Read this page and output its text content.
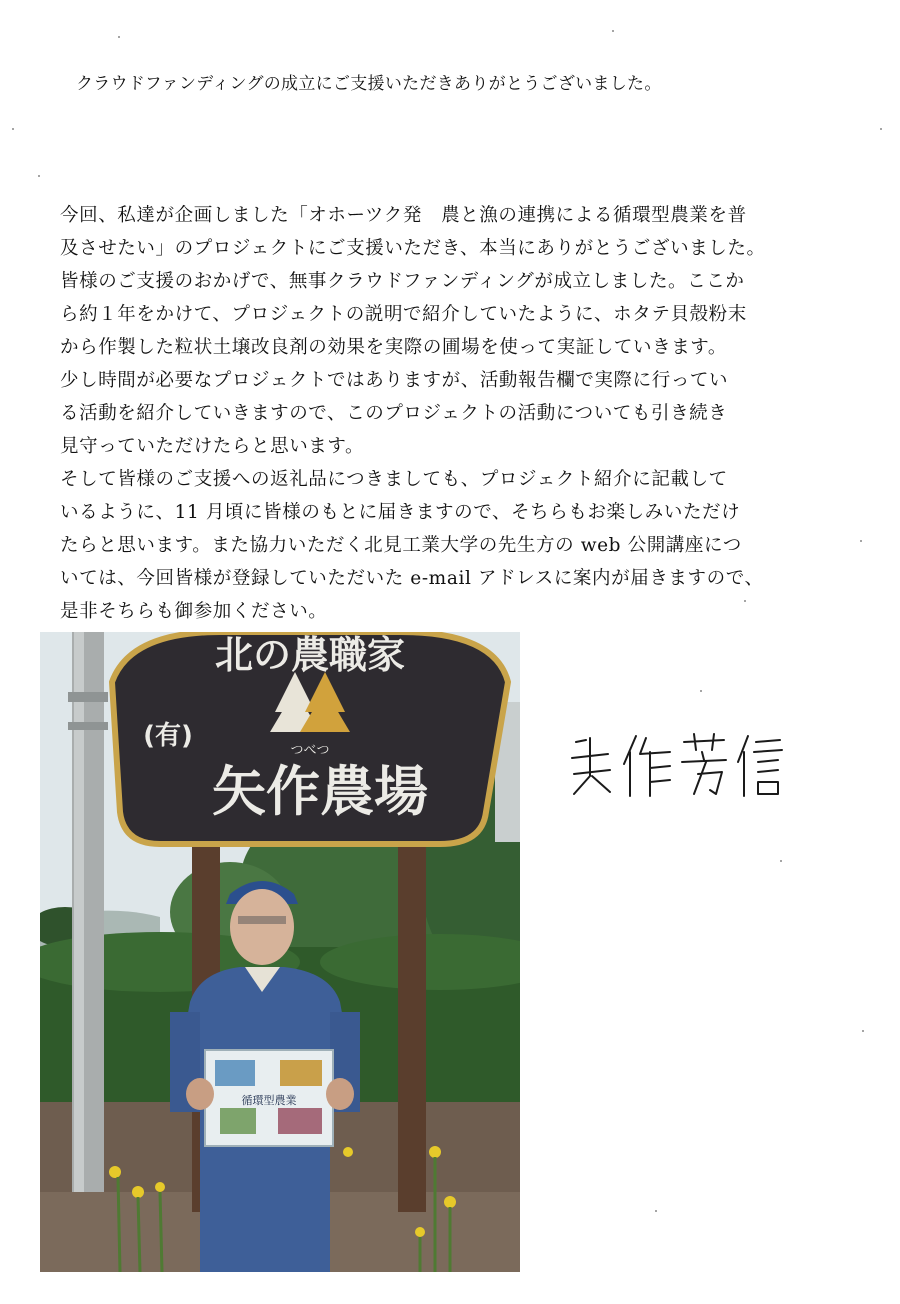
クラウドファンディングの成立にご支援いただきありがとうございました。
今回、私達が企画しました「オホーツク発　農と漁の連携による循環型農業を普
及させたい」のプロジェクトにご支援いただき、本当にありがとうございました。
皆様のご支援のおかげで、無事クラウドファンディングが成立しました。ここか
ら約１年をかけて、プロジェクトの説明で紹介していたように、ホタテ貝殻粉末
から作製した粒状土壌改良剤の効果を実際の圃場を使って実証していきます。
少し時間が必要なプロジェクトではありますが、活動報告欄で実際に行ってい
る活動を紹介していきますので、このプロジェクトの活動についても引き続き
見守っていただけたらと思います。
そして皆様のご支援への返礼品につきましても、プロジェクト紹介に記載して
いるように、11 月頃に皆様のもとに届きますので、そちらもお楽しみいただけ
たらと思います。また協力いただく北見工業大学の先生方の web 公開講座につ
いては、今回皆様が登録していただいた e-mail アドレスに案内が届きますので、
是非そちらも御参加ください。
北の農職家
つべつ
(有)
矢作農場
循環型農業
